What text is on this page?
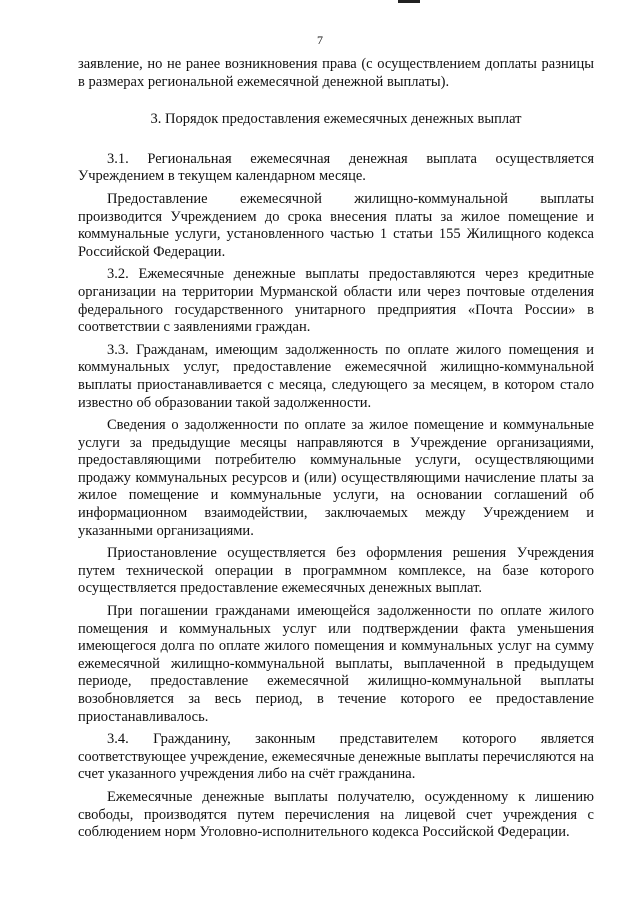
7

заявление, но не ранее возникновения права (с осуществлением доплаты разницы в размерах региональной ежемесячной денежной выплаты).

3. Порядок предоставления ежемесячных денежных выплат

3.1. Региональная ежемесячная денежная выплата осуществляется Учреждением в текущем календарном месяце.

Предоставление ежемесячной жилищно-коммунальной выплаты производится Учреждением до срока внесения платы за жилое помещение и коммунальные услуги, установленного частью 1 статьи 155 Жилищного кодекса Российской Федерации.

3.2. Ежемесячные денежные выплаты предоставляются через кредитные организации на территории Мурманской области или через почтовые отделения федерального государственного унитарного предприятия «Почта России» в соответствии с заявлениями граждан.

3.3. Гражданам, имеющим задолженность по оплате жилого помещения и коммунальных услуг, предоставление ежемесячной жилищно-коммунальной выплаты приостанавливается с месяца, следующего за месяцем, в котором стало известно об образовании такой задолженности.

Сведения о задолженности по оплате за жилое помещение и коммунальные услуги за предыдущие месяцы направляются в Учреждение организациями, предоставляющими потребителю коммунальные услуги, осуществляющими продажу коммунальных ресурсов и (или) осуществляющими начисление платы за жилое помещение и коммунальные услуги, на основании соглашений об информационном взаимодействии, заключаемых между Учреждением и указанными организациями.

Приостановление осуществляется без оформления решения Учреждения путем технической операции в программном комплексе, на базе которого осуществляется предоставление ежемесячных денежных выплат.

При погашении гражданами имеющейся задолженности по оплате жилого помещения и коммунальных услуг или подтверждении факта уменьшения имеющегося долга по оплате жилого помещения и коммунальных услуг на сумму ежемесячной жилищно-коммунальной выплаты, выплаченной в предыдущем периоде, предоставление ежемесячной жилищно-коммунальной выплаты возобновляется за весь период, в течение которого ее предоставление приостанавливалось.

3.4. Гражданину, законным представителем которого является соответствующее учреждение, ежемесячные денежные выплаты перечисляются на счет указанного учреждения либо на счёт гражданина.

Ежемесячные денежные выплаты получателю, осужденному к лишению свободы, производятся путем перечисления на лицевой счет учреждения с соблюдением норм Уголовно-исполнительного кодекса Российской Федерации.
